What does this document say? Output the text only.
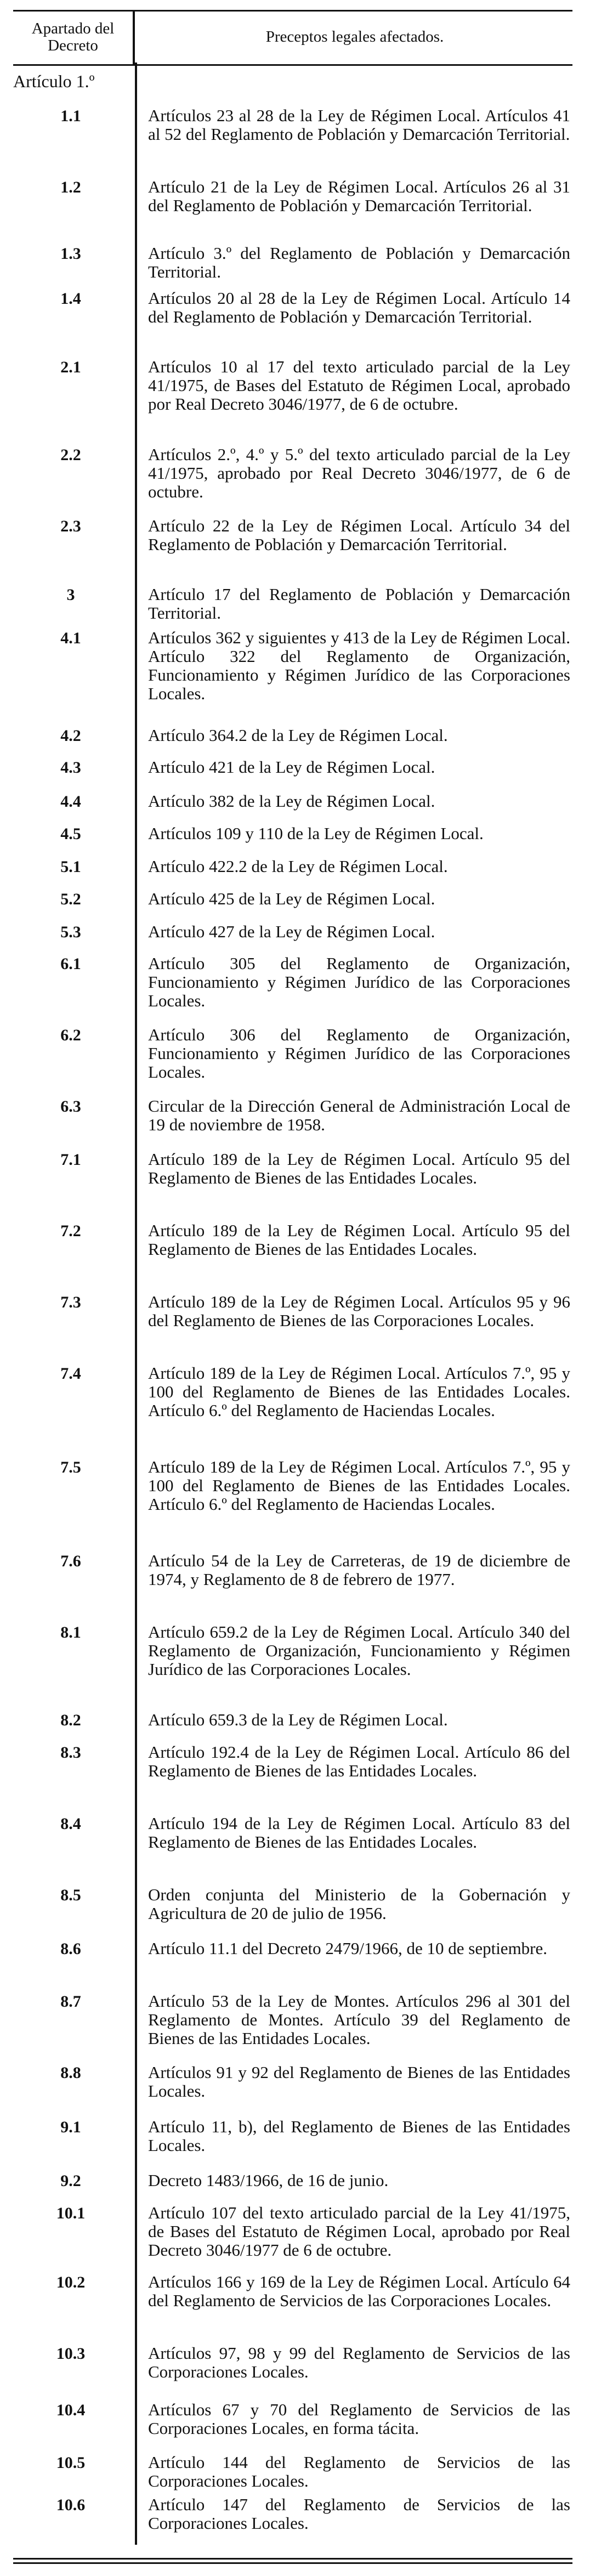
Apartado del Decreto	Preceptos legales afectados.
Artículo 1.º
1.1	Artículos 23 al 28 de la Ley de Régimen Local. Artículos 41 al 52 del Reglamento de Población y Demarcación Territorial.
1.2	Artículo 21 de la Ley de Régimen Local. Artículos 26 al 31 del Reglamento de Población y Demarcación Territorial.
1.3	Artículo 3.º del Reglamento de Población y Demarcación Territorial.
1.4	Artículos 20 al 28 de la Ley de Régimen Local. Artículo 14 del Reglamento de Población y Demarcación Territorial.
2.1	Artículos 10 al 17 del texto articulado parcial de la Ley 41/1975, de Bases del Estatuto de Régimen Local, aprobado por Real Decreto 3046/1977, de 6 de octubre.
2.2	Artículos 2.º, 4.º y 5.º del texto articulado parcial de la Ley 41/1975, aprobado por Real Decreto 3046/1977, de 6 de octubre.
2.3	Artículo 22 de la Ley de Régimen Local. Artículo 34 del Reglamento de Población y Demarcación Territorial.
3	Artículo 17 del Reglamento de Población y Demarcación Territorial.
4.1	Artículos 362 y siguientes y 413 de la Ley de Régimen Local. Artículo 322 del Reglamento de Organización, Funcionamiento y Régimen Jurídico de las Corporaciones Locales.
4.2	Artículo 364.2 de la Ley de Régimen Local.
4.3	Artículo 421 de la Ley de Régimen Local.
4.4	Artículo 382 de la Ley de Régimen Local.
4.5	Artículos 109 y 110 de la Ley de Régimen Local.
5.1	Artículo 422.2 de la Ley de Régimen Local.
5.2	Artículo 425 de la Ley de Régimen Local.
5.3	Artículo 427 de la Ley de Régimen Local.
6.1	Artículo 305 del Reglamento de Organización, Funcionamiento y Régimen Jurídico de las Corporaciones Locales.
6.2	Artículo 306 del Reglamento de Organización, Funcionamiento y Régimen Jurídico de las Corporaciones Locales.
6.3	Circular de la Dirección General de Administración Local de 19 de noviembre de 1958.
7.1	Artículo 189 de la Ley de Régimen Local. Artículo 95 del Reglamento de Bienes de las Entidades Locales.
7.2	Artículo 189 de la Ley de Régimen Local. Artículo 95 del Reglamento de Bienes de las Entidades Locales.
7.3	Artículo 189 de la Ley de Régimen Local. Artículos 95 y 96 del Reglamento de Bienes de las Corporaciones Locales.
7.4	Artículo 189 de la Ley de Régimen Local. Artículos 7.º, 95 y 100 del Reglamento de Bienes de las Entidades Locales. Artículo 6.º del Reglamento de Haciendas Locales.
7.5	Artículo 189 de la Ley de Régimen Local. Artículos 7.º, 95 y 100 del Reglamento de Bienes de las Entidades Locales. Artículo 6.º del Reglamento de Haciendas Locales.
7.6	Artículo 54 de la Ley de Carreteras, de 19 de diciembre de 1974, y Reglamento de 8 de febrero de 1977.
8.1	Artículo 659.2 de la Ley de Régimen Local. Artículo 340 del Reglamento de Organización, Funcionamiento y Régimen Jurídico de las Corporaciones Locales.
8.2	Artículo 659.3 de la Ley de Régimen Local.
8.3	Artículo 192.4 de la Ley de Régimen Local. Artículo 86 del Reglamento de Bienes de las Entidades Locales.
8.4	Artículo 194 de la Ley de Régimen Local. Artículo 83 del Reglamento de Bienes de las Entidades Locales.
8.5	Orden conjunta del Ministerio de la Gobernación y Agricultura de 20 de julio de 1956.
8.6	Artículo 11.1 del Decreto 2479/1966, de 10 de septiembre.
8.7	Artículo 53 de la Ley de Montes. Artículos 296 al 301 del Reglamento de Montes. Artículo 39 del Reglamento de Bienes de las Entidades Locales.
8.8	Artículos 91 y 92 del Reglamento de Bienes de las Entidades Locales.
9.1	Artículo 11, b), del Reglamento de Bienes de las Entidades Locales.
9.2	Decreto 1483/1966, de 16 de junio.
10.1	Artículo 107 del texto articulado parcial de la Ley 41/1975, de Bases del Estatuto de Régimen Local, aprobado por Real Decreto 3046/1977 de 6 de octubre.
10.2	Artículos 166 y 169 de la Ley de Régimen Local. Artículo 64 del Reglamento de Servicios de las Corporaciones Locales.
10.3	Artículos 97, 98 y 99 del Reglamento de Servicios de las Corporaciones Locales.
10.4	Artículos 67 y 70 del Reglamento de Servicios de las Corporaciones Locales, en forma tácita.
10.5	Artículo 144 del Reglamento de Servicios de las Corporaciones Locales.
10.6	Artículo 147 del Reglamento de Servicios de las Corporaciones Locales.
